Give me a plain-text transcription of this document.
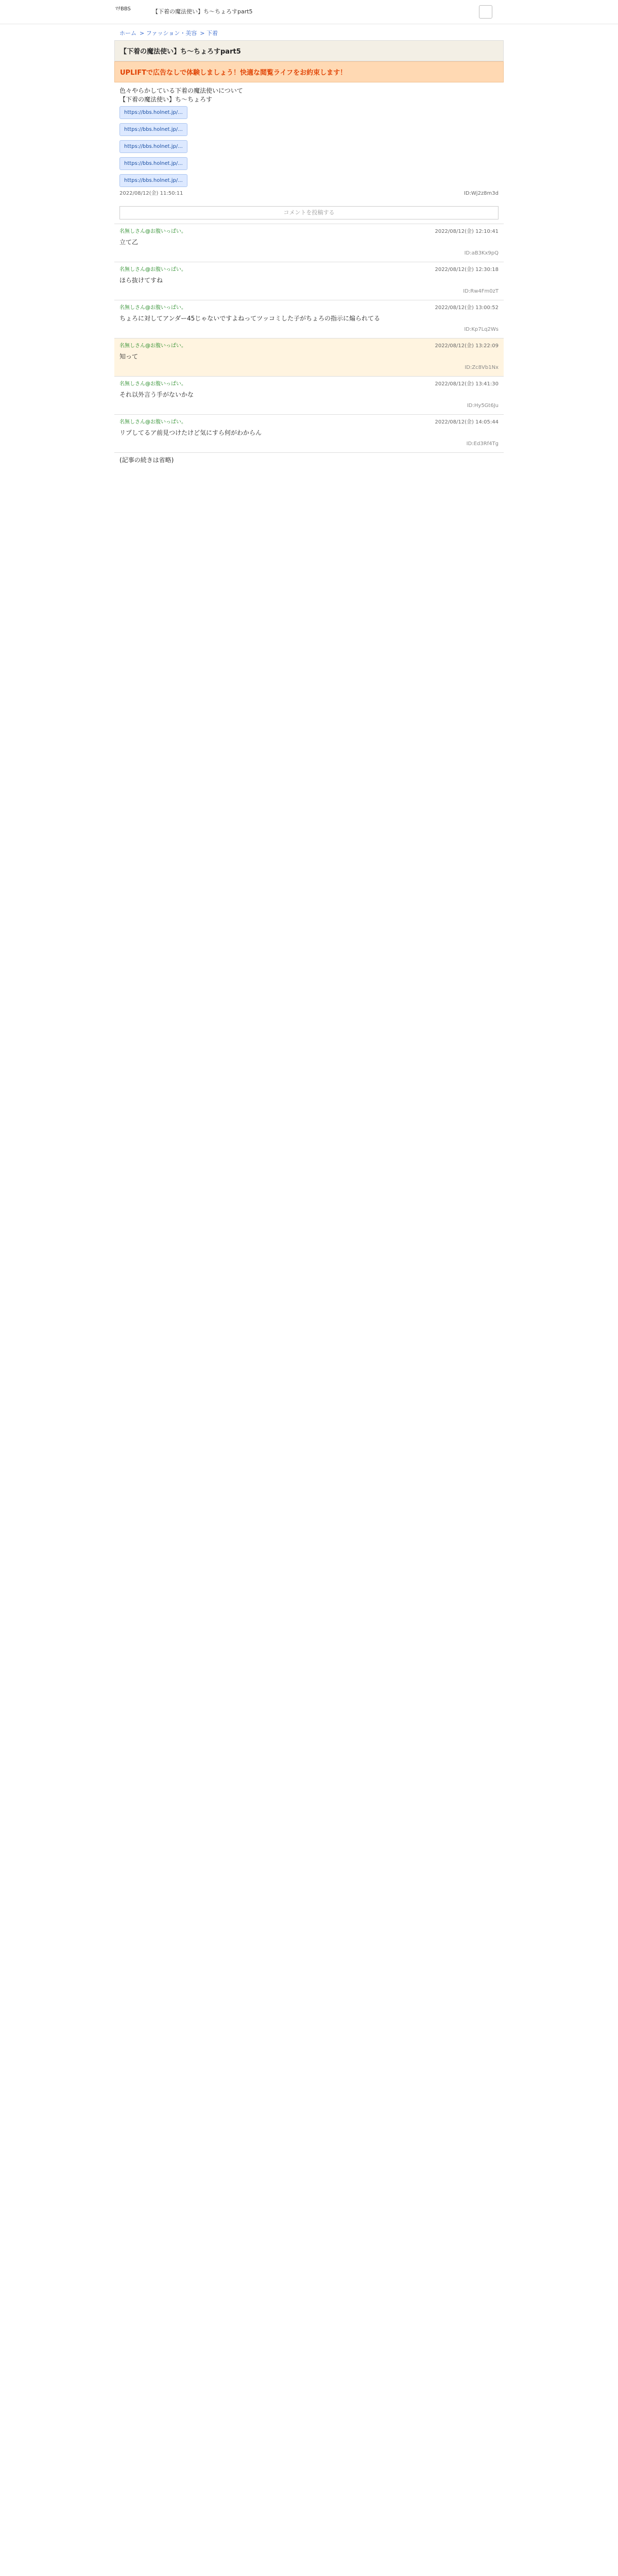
ﾏﾁBBS	【下着の魔法使い】ち～ちょろすpart5
ホーム > ファッション・美容 > 下着
【下着の魔法使い】ち～ちょろすpart5
UPLIFTで広告なしで体験しましょう！快適な閲覧ライフをお約束します！
色々やらかしている下着の魔法使いについて
【下着の魔法使い】ち～ちょろす
https://bbs.holnet.jp/...
https://bbs.holnet.jp/...
https://bbs.holnet.jp/...
https://bbs.holnet.jp/...
https://bbs.holnet.jp/...
2022/08/12(金) 11:50:11	ID:Wj2z8m3d
コメントを投稿する
名無しさん@お腹いっぱい。	2022/08/12(金) 12:10:41
立て乙
ID:aB3Kx9pQ
名無しさん@お腹いっぱい。	2022/08/12(金) 12:30:18
ほら抜けてすね
ID:Rw4Fm0zT
名無しさん@お腹いっぱい。	2022/08/12(金) 13:00:52
ちょろに対してアンダー45じゃないですよねってツッコミした子がちょろの指示に煽られてる
ID:Kp7Lq2Ws
名無しさん@お腹いっぱい。	2022/08/12(金) 13:22:09
知って
ID:Zc8Vb1Nx
名無しさん@お腹いっぱい。	2022/08/12(金) 13:41:30
それ以外言う手がないかな
ID:Hy5Gt6Ju
名無しさん@お腹いっぱい。	2022/08/12(金) 14:05:44
リプしてるア前見つけたけど気にすら何がわからん
ID:Ed3Rf4Tg
(記事の続きは省略)
